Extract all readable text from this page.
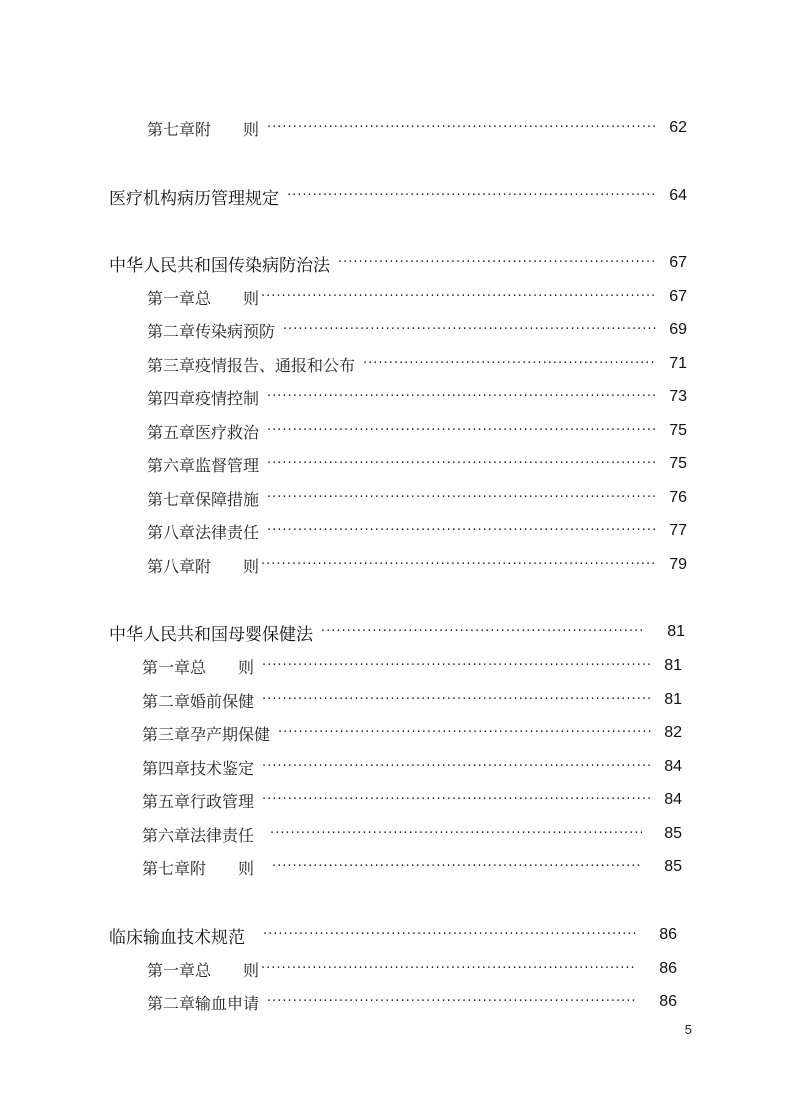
第七章 附　　则 ·····	62
医疗机构病历管理规定 ·····	64
中华人民共和国传染病防治法 ·····	67
第一章 总　　则 ·····	67
第二章 传染病预防 ·····	69
第三章 疫情报告、通报和公布 ·····	71
第四章 疫情控制 ·····	73
第五章 医疗救治 ·····	75
第六章 监督管理 ·····	75
第七章 保障措施 ·····	76
第八章 法律责任 ·····	77
第八章 附　　则 ·····	79
中华人民共和国母婴保健法 ·····	81
第一章 总　　则 ·····	81
第二章 婚前保健 ·····	81
第三章 孕产期保健 ·····	82
第四章 技术鉴定 ·····	84
第五章 行政管理 ·····	84
第六章 法律责任 ·····	85
第七章 附　　则 ·····	85
临床输血技术规范 ·····	86
第一章 总　　则 ·····	86
第二章 输血申请 ·····	86
5
